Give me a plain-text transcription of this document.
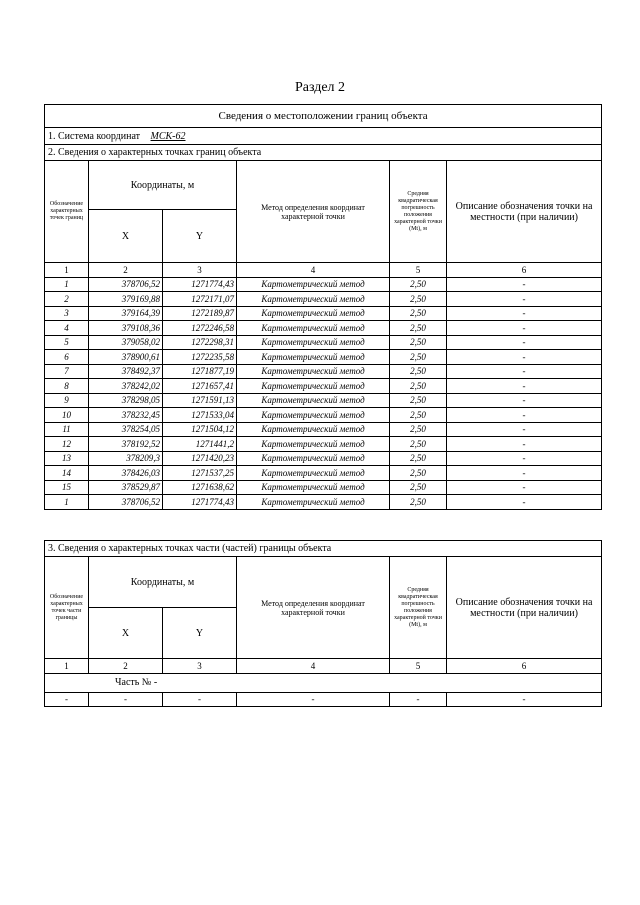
Раздел 2
Сведения о местоположении границ объекта					
1. Система координат МСК-62					
2. Сведения о характерных точках границ объекта					
Обозначение характерных точек границ	Координаты, м		Метод определения координат характерной точки	Средняя квадратическая погрешность положения характерной точки (Mt), м	Описание обозначения точки на местности (при наличии)
	X	Y			
1	2	3	4	5	6
1	378706,52	1271774,43	Картометрический метод	2,50	-
2	379169,88	1272171,07	Картометрический метод	2,50	-
3	379164,39	1272189,87	Картометрический метод	2,50	-
4	379108,36	1272246,58	Картометрический метод	2,50	-
5	379058,02	1272298,31	Картометрический метод	2,50	-
6	378900,61	1272235,58	Картометрический метод	2,50	-
7	378492,37	1271877,19	Картометрический метод	2,50	-
8	378242,02	1271657,41	Картометрический метод	2,50	-
9	378298,05	1271591,13	Картометрический метод	2,50	-
10	378232,45	1271533,04	Картометрический метод	2,50	-
11	378254,05	1271504,12	Картометрический метод	2,50	-
12	378192,52	1271441,2	Картометрический метод	2,50	-
13	378209,3	1271420,23	Картометрический метод	2,50	-
14	378426,03	1271537,25	Картометрический метод	2,50	-
15	378529,87	1271638,62	Картометрический метод	2,50	-
1	378706,52	1271774,43	Картометрический метод	2,50	-
3. Сведения о характерных точках части (частей) границы объекта					
Обозначение характерных точек части границы	Координаты, м		Метод определения координат характерной точки	Средняя квадратическая погрешность положения характерной точки (Mt), м	Описание обозначения точки на местности (при наличии)
	X	Y			
1	2	3	4	5	6
Часть № -					
-	-	-	-	-	-
